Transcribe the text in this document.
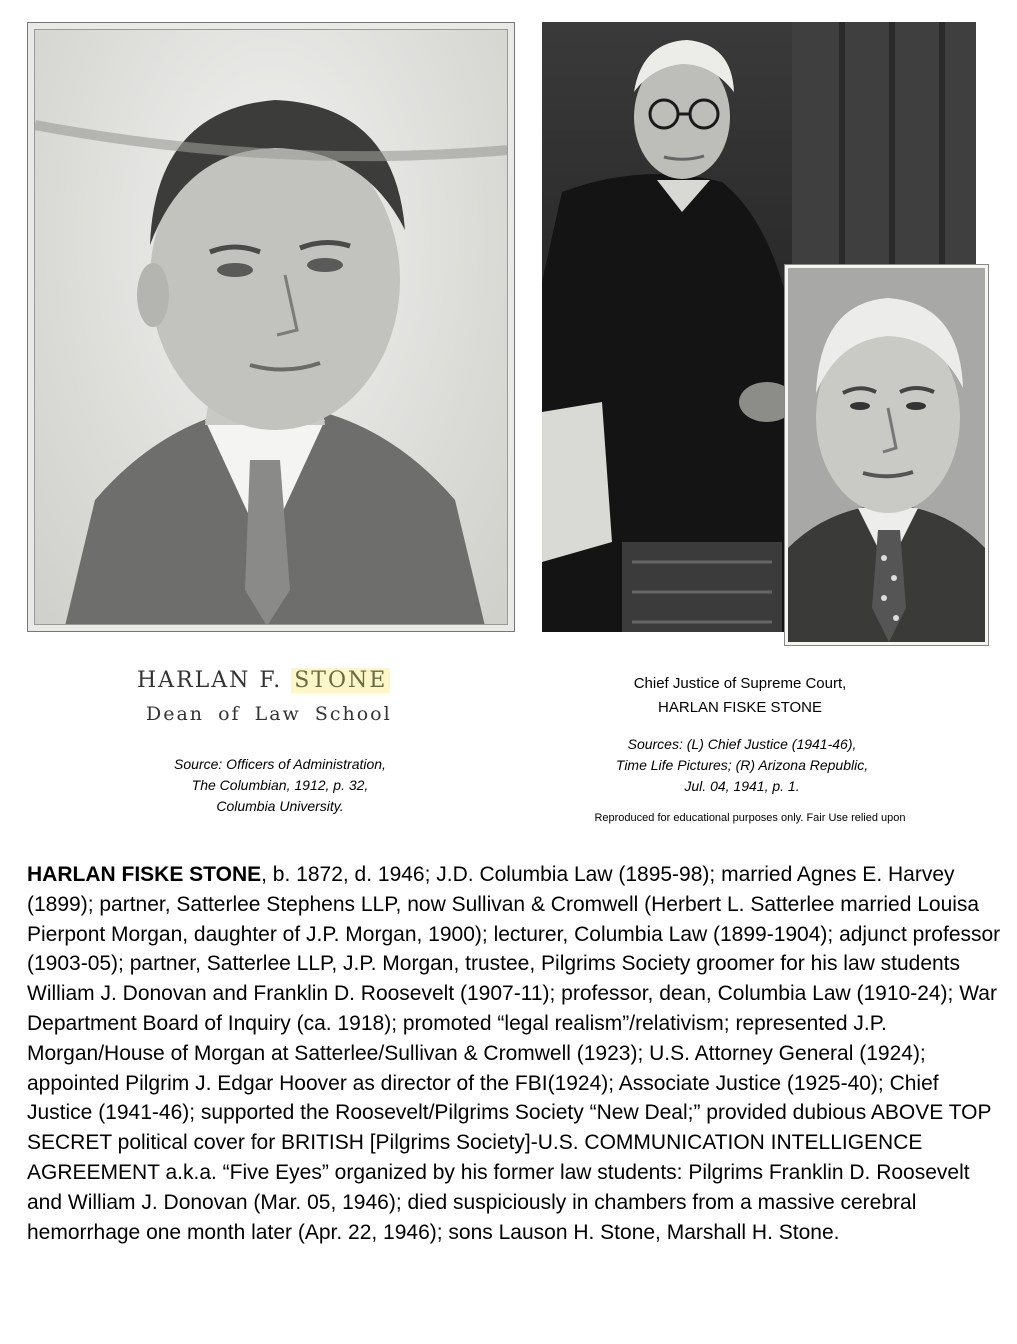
HARLAN F. STONE
Dean of Law School
Source: Officers of Administration,
The Columbian, 1912, p. 32,
Columbia University.
Chief Justice of Supreme Court,
HARLAN FISKE STONE
Sources: (L) Chief Justice (1941-46),
Time Life Pictures; (R) Arizona Republic,
Jul. 04, 1941, p. 1.
Reproduced for educational purposes only. Fair Use relied upon
HARLAN FISKE STONE, b. 1872, d. 1946; J.D. Columbia Law (1895-98); married Agnes E. Harvey (1899); partner, Satterlee Stephens LLP, now Sullivan & Cromwell (Herbert L. Satterlee married Louisa Pierpont Morgan, daughter of J.P. Morgan, 1900); lecturer, Columbia Law (1899-1904); adjunct professor (1903-05); partner, Satterlee LLP, J.P. Morgan, trustee, Pilgrims Society groomer for his law students William J. Donovan and Franklin D. Roosevelt (1907-11); professor, dean, Columbia Law (1910-24); War Department Board of Inquiry (ca. 1918); promoted “legal realism”/relativism; represented J.P. Morgan/House of Morgan at Satterlee/Sullivan & Cromwell (1923); U.S. Attorney General (1924); appointed Pilgrim J. Edgar Hoover as director of the FBI(1924); Associate Justice (1925-40); Chief Justice (1941-46); supported the Roosevelt/Pilgrims Society “New Deal;” provided dubious ABOVE TOP SECRET political cover for BRITISH [Pilgrims Society]-U.S. COMMUNICATION INTELLIGENCE AGREEMENT a.k.a. “Five Eyes” organized by his former law students: Pilgrims Franklin D. Roosevelt and William J. Donovan (Mar. 05, 1946); died suspiciously in chambers from a massive cerebral hemorrhage one month later (Apr. 22, 1946); sons Lauson H. Stone, Marshall H. Stone.
